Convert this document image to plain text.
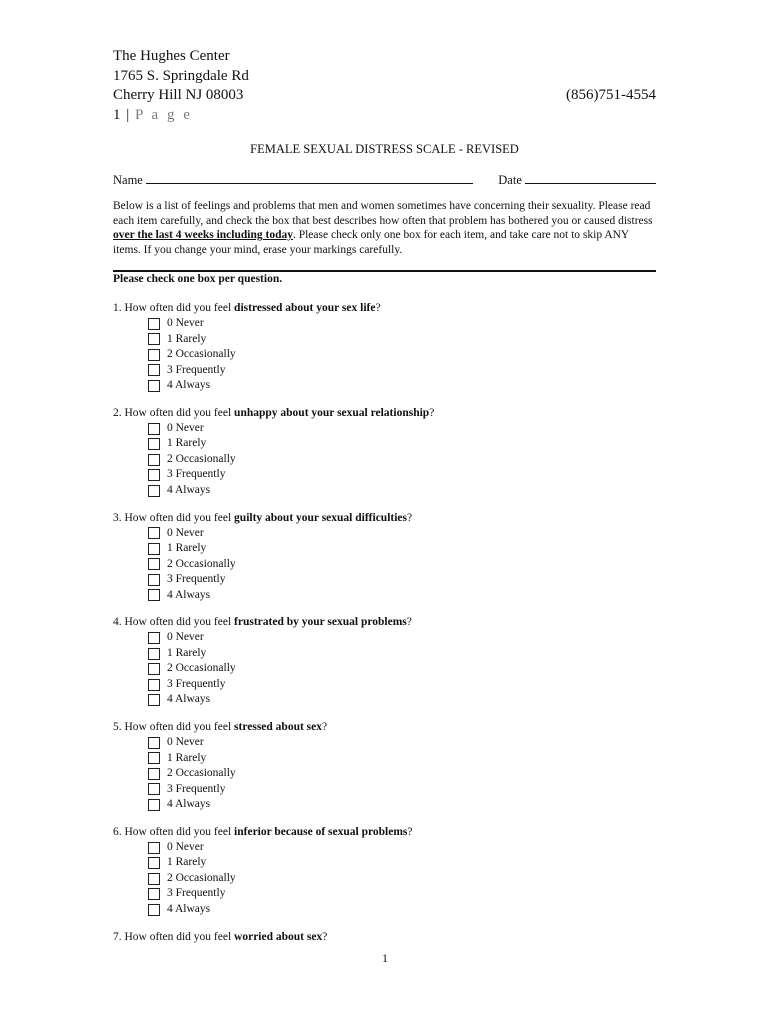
The Hughes Center
1765 S. Springdale Rd
Cherry Hill NJ 08003	(856)751-4554
1 | P a g e
FEMALE SEXUAL DISTRESS SCALE - REVISED
Name	Date
Below is a list of feelings and problems that men and women sometimes have concerning their sexuality. Please read each item carefully, and check the box that best describes how often that problem has bothered you or caused distress over the last 4 weeks including today. Please check only one box for each item, and take care not to skip ANY items. If you change your mind, erase your markings carefully.
Please check one box per question.
1. How often did you feel distressed about your sex life?
0 Never
1 Rarely
2 Occasionally
3 Frequently
4 Always
2. How often did you feel unhappy about your sexual relationship?
0 Never
1 Rarely
2 Occasionally
3 Frequently
4 Always
3. How often did you feel guilty about your sexual difficulties?
0 Never
1 Rarely
2 Occasionally
3 Frequently
4 Always
4. How often did you feel frustrated by your sexual problems?
0 Never
1 Rarely
2 Occasionally
3 Frequently
4 Always
5. How often did you feel stressed about sex?
0 Never
1 Rarely
2 Occasionally
3 Frequently
4 Always
6. How often did you feel inferior because of sexual problems?
0 Never
1 Rarely
2 Occasionally
3 Frequently
4 Always
7. How often did you feel worried about sex?
1
